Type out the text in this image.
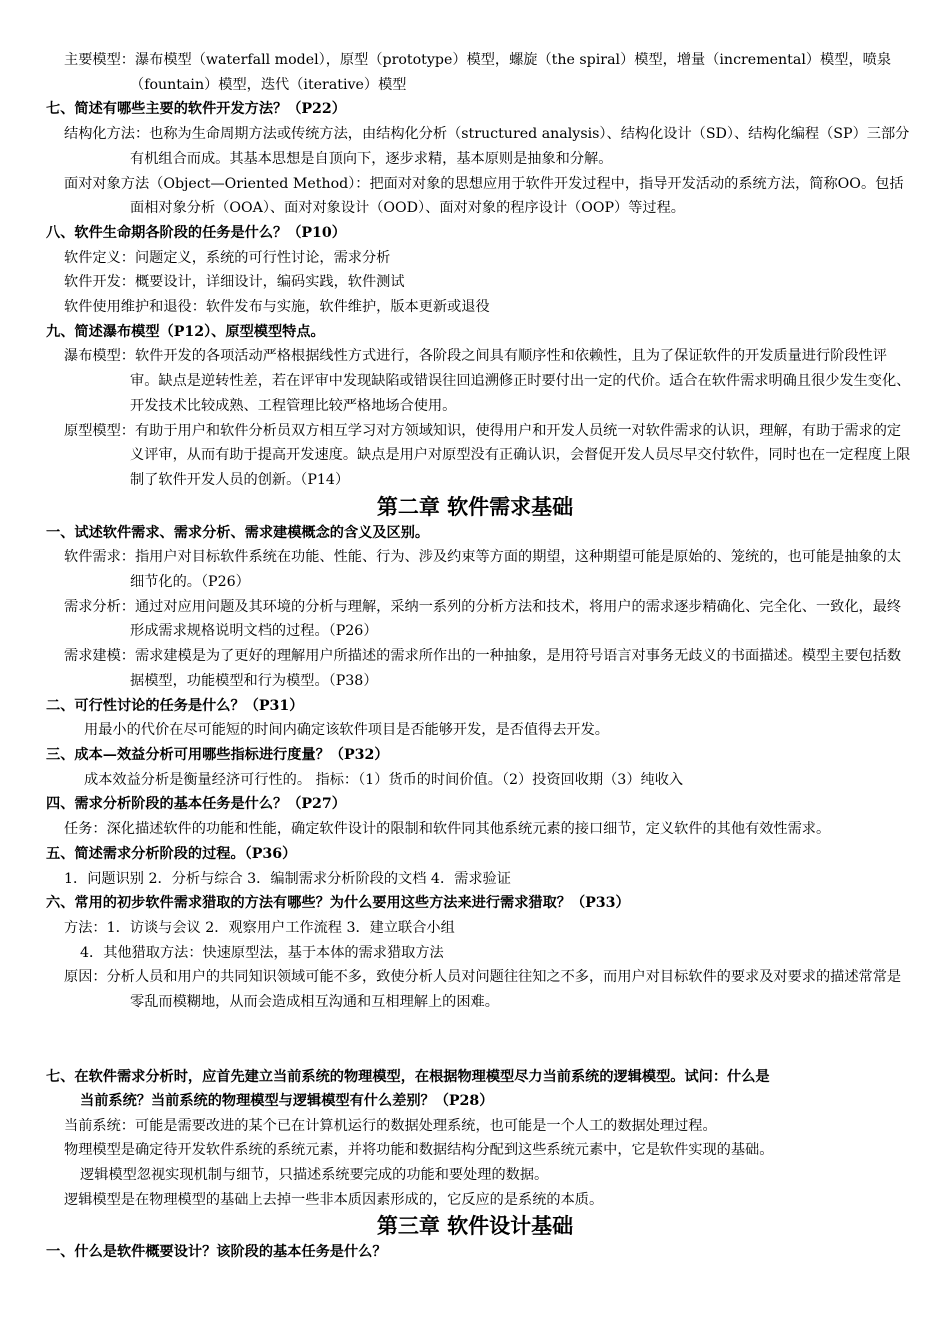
主要模型：瀑布模型（waterfall model），原型（prototype）模型，螺旋（the spiral）模型，增量（incremental）模型，喷泉（fountain）模型，迭代（iterative）模型
七、简述有哪些主要的软件开发方法？（P22）
结构化方法：也称为生命周期方法或传统方法，由结构化分析（structured analysis）、结构化设计（SD）、结构化编程（SP）三部分有机组合而成。其基本思想是自顶向下，逐步求精，基本原则是抽象和分解。
面对对象方法（Object—Oriented Method）：把面对对象的思想应用于软件开发过程中，指导开发活动的系统方法，简称OO。包括面相对象分析（OOA）、面对对象设计（OOD）、面对对象的程序设计（OOP）等过程。
八、软件生命期各阶段的任务是什么？（P10）
软件定义：问题定义，系统的可行性讨论，需求分析
软件开发：概要设计，详细设计，编码实践，软件测试
软件使用维护和退役：软件发布与实施，软件维护，版本更新或退役
九、简述瀑布模型（P12）、原型模型特点。
瀑布模型：软件开发的各项活动严格根据线性方式进行，各阶段之间具有顺序性和依赖性，且为了保证软件的开发质量进行阶段性评审。缺点是逆转性差，若在评审中发现缺陷或错误往回追溯修正时要付出一定的代价。适合在软件需求明确且很少发生变化、开发技术比较成熟、工程管理比较严格地场合使用。
原型模型：有助于用户和软件分析员双方相互学习对方领域知识，使得用户和开发人员统一对软件需求的认识，理解，有助于需求的定义评审，从而有助于提高开发速度。缺点是用户对原型没有正确认识，会督促开发人员尽早交付软件，同时也在一定程度上限制了软件开发人员的创新。（P14）
第二章 软件需求基础
一、试述软件需求、需求分析、需求建模概念的含义及区别。
软件需求：指用户对目标软件系统在功能、性能、行为、涉及约束等方面的期望，这种期望可能是原始的、笼统的，也可能是抽象的太细节化的。（P26）
需求分析：通过对应用问题及其环境的分析与理解，采纳一系列的分析方法和技术，将用户的需求逐步精确化、完全化、一致化，最终形成需求规格说明文档的过程。（P26）
需求建模：需求建模是为了更好的理解用户所描述的需求所作出的一种抽象，是用符号语言对事务无歧义的书面描述。模型主要包括数据模型，功能模型和行为模型。（P38）
二、可行性讨论的任务是什么？（P31）
用最小的代价在尽可能短的时间内确定该软件项目是否能够开发，是否值得去开发。
三、成本—效益分析可用哪些指标进行度量？（P32）
成本效益分析是衡量经济可行性的。 指标：（1）货币的时间价值。（2）投资回收期（3）纯收入
四、需求分析阶段的基本任务是什么？（P27）
任务：深化描述软件的功能和性能，确定软件设计的限制和软件同其他系统元素的接口细节，定义软件的其他有效性需求。
五、简述需求分析阶段的过程。（P36）
1．问题识别 2．分析与综合 3．编制需求分析阶段的文档 4．需求验证
六、常用的初步软件需求猎取的方法有哪些？为什么要用这些方法来进行需求猎取？（P33）
方法：1．访谈与会议 2．观察用户工作流程 3．建立联合小组
4．其他猎取方法：快速原型法，基于本体的需求猎取方法
原因：分析人员和用户的共同知识领域可能不多，致使分析人员对问题往往知之不多，而用户对目标软件的要求及对要求的描述常常是零乱而模糊地，从而会造成相互沟通和互相理解上的困难。
七、在软件需求分析时，应首先建立当前系统的物理模型，在根据物理模型尽力当前系统的逻辑模型。试问：什么是
当前系统？当前系统的物理模型与逻辑模型有什么差别？（P28）
当前系统：可能是需要改进的某个已在计算机运行的数据处理系统，也可能是一个人工的数据处理过程。
物理模型是确定待开发软件系统的系统元素，并将功能和数据结构分配到这些系统元素中，它是软件实现的基础。
逻辑模型忽视实现机制与细节，只描述系统要完成的功能和要处理的数据。
逻辑模型是在物理模型的基础上去掉一些非本质因素形成的，它反应的是系统的本质。
第三章 软件设计基础
一、什么是软件概要设计？该阶段的基本任务是什么？
